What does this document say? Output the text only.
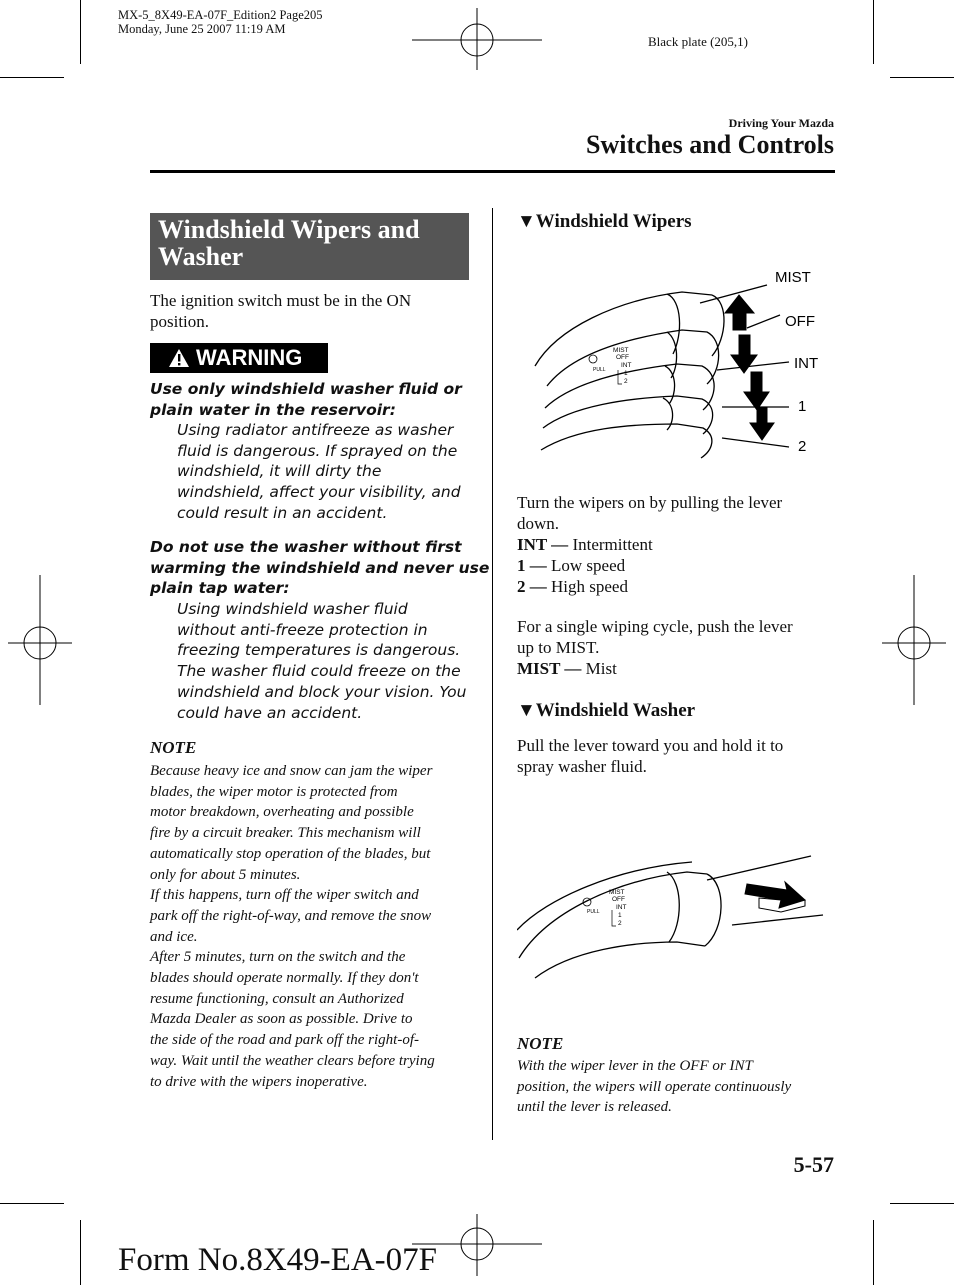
MX-5_8X49-EA-07F_Edition2 Page205
Monday, June 25 2007 11:19 AM
Black plate (205,1)
Driving Your Mazda
Switches and Controls
Windshield Wipers and
Washer
The ignition switch must be in the ON
position.
WARNING
Use only windshield washer fluid or
plain water in the reservoir:
Using radiator antifreeze as washer
fluid is dangerous. If sprayed on the
windshield, it will dirty the
windshield, affect your visibility, and
could result in an accident.
Do not use the washer without first
warming the windshield and never use
plain tap water:
Using windshield washer fluid
without anti-freeze protection in
freezing temperatures is dangerous.
The washer fluid could freeze on the
windshield and block your vision. You
could have an accident.
NOTE
Because heavy ice and snow can jam the wiper
blades, the wiper motor is protected from
motor breakdown, overheating and possible
fire by a circuit breaker. This mechanism will
automatically stop operation of the blades, but
only for about 5 minutes.
If this happens, turn off the wiper switch and
park off the right-of-way, and remove the snow
and ice.
After 5 minutes, turn on the switch and the
blades should operate normally. If they don't
resume functioning, consult an Authorized
Mazda Dealer as soon as possible. Drive to
the side of the road and park off the right-of-
way. Wait until the weather clears before trying
to drive with the wipers inoperative.
▼Windshield Wipers
MIST
OFF
INT
1
2
PULL
MIST
OFF
INT
1
2
Turn the wipers on by pulling the lever
down.
INT — Intermittent
1 — Low speed
2 — High speed
For a single wiping cycle, push the lever
up to MIST.
MIST — Mist
▼Windshield Washer
Pull the lever toward you and hold it to
spray washer fluid.
MIST
OFF
INT
1
2
PULL
NOTE
With the wiper lever in the OFF or INT
position, the wipers will operate continuously
until the lever is released.
5-57
Form No.8X49-EA-07F
